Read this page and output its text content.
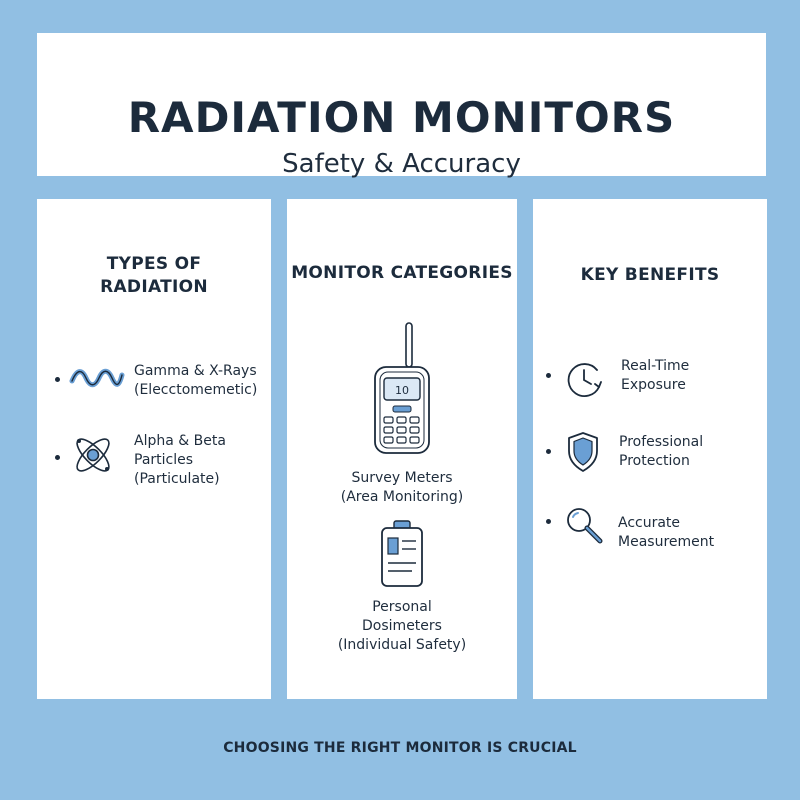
RADIATION MONITORS
Safety & Accuracy
TYPES OF
RADIATION
Gamma & X-Rays
(Elecctomemetic)
Alpha & Beta
Particles
(Particulate)
MONITOR CATEGORIES
10
Survey Meters
(Area Monitoring)
Personal
Dosimeters
(Individual Safety)
KEY BENEFITS
Real-Time
Exposure
Professional
Protection
Accurate Measurement
CHOOSING THE RIGHT MONITOR IS CRUCIAL
